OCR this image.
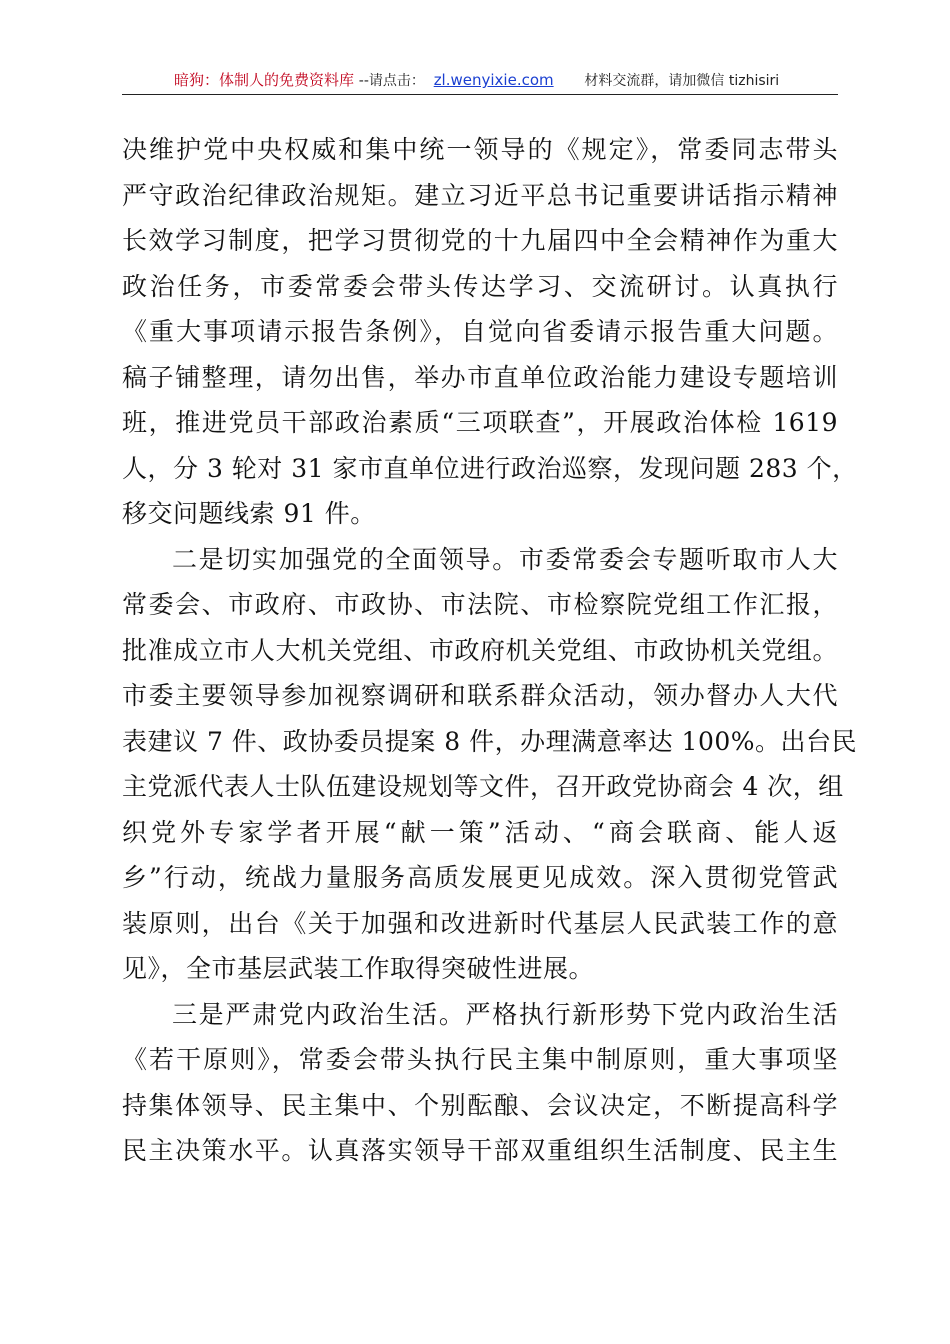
暗狗：体制人的免费资料库 --请点击： zl.wenyixie.com 材料交流群，请加微信 tizhisiri
决维护党中央权威和集中统一领导的《规定》，常委同志带头
严守政治纪律政治规矩。建立习近平总书记重要讲话指示精神
长效学习制度，把学习贯彻党的十九届四中全会精神作为重大
政治任务，市委常委会带头传达学习、交流研讨。认真执行
《重大事项请示报告条例》，自觉向省委请示报告重大问题。
稿子铺整理，请勿出售，举办市直单位政治能力建设专题培训
班，推进党员干部政治素质“三项联查”，开展政治体检 1619
人，分 3 轮对 31 家市直单位进行政治巡察，发现问题 283 个，
移交问题线索 91 件。
二是切实加强党的全面领导。市委常委会专题听取市人大
常委会、市政府、市政协、市法院、市检察院党组工作汇报，
批准成立市人大机关党组、市政府机关党组、市政协机关党组。
市委主要领导参加视察调研和联系群众活动，领办督办人大代
表建议 7 件、政协委员提案 8 件，办理满意率达 100%。出台民
主党派代表人士队伍建设规划等文件，召开政党协商会 4 次，组
织党外专家学者开展“献一策”活动、“商会联商、能人返
乡”行动，统战力量服务高质发展更见成效。深入贯彻党管武
装原则，出台《关于加强和改进新时代基层人民武装工作的意
见》，全市基层武装工作取得突破性进展。
三是严肃党内政治生活。严格执行新形势下党内政治生活
《若干原则》，常委会带头执行民主集中制原则，重大事项坚
持集体领导、民主集中、个别酝酿、会议决定，不断提高科学
民主决策水平。认真落实领导干部双重组织生活制度、民主生
